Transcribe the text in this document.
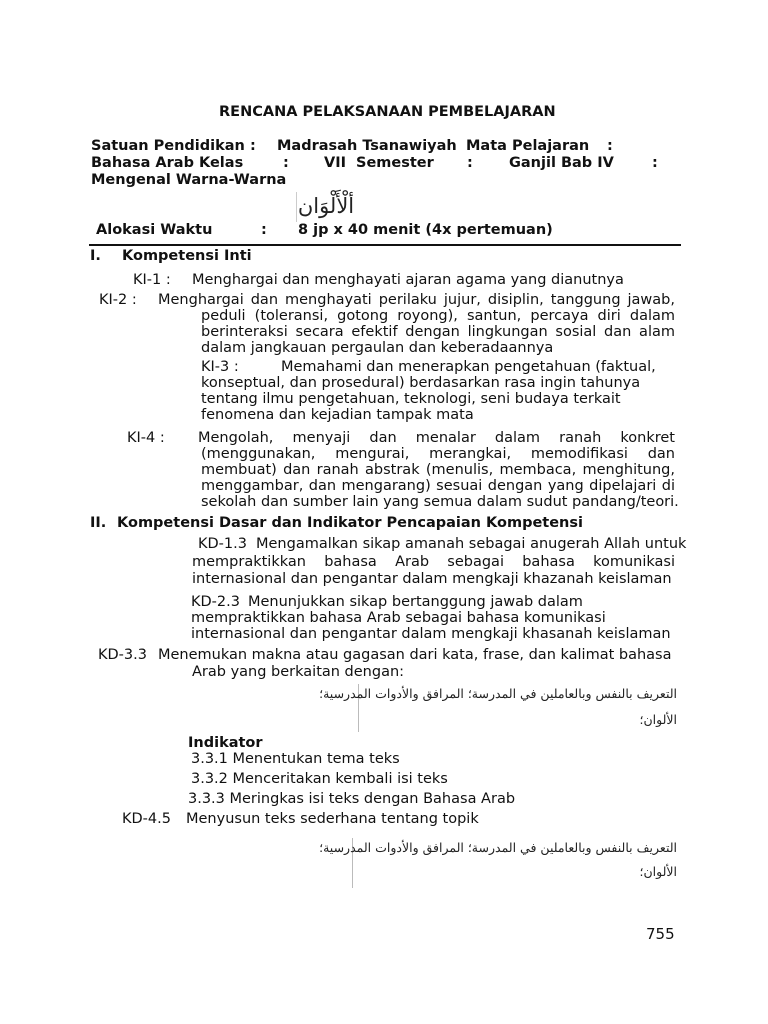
RENCANA PELAKSANAAN PEMBELAJARAN
Satuan Pendidikan : Madrasah Tsanawiyah Mata Pelajaran :
Bahasa Arab Kelas	: VII Semester : Ganjil Bab IV	:
Mengenal Warna-Warna
ألْأَلْوَان
Alokasi Waktu	: 8 jp x 40 menit (4x pertemuan)
I. Kompetensi Inti
KI-1 : Menghargai dan menghayati ajaran agama yang dianutnya
KI-2 : Menghargai dan menghayati perilaku jujur, disiplin, tanggung jawab,
peduli (toleransi, gotong royong), santun, percaya diri dalam
berinteraksi secara efektif dengan lingkungan sosial dan alam
dalam jangkauan pergaulan dan keberadaannya
KI-3 :	Memahami dan menerapkan pengetahuan (faktual,
konseptual, dan prosedural) berdasarkan rasa ingin tahunya
tentang ilmu pengetahuan, teknologi, seni budaya terkait
fenomena dan kejadian tampak mata
KI-4 : Mengolah, menyaji dan menalar dalam ranah konkret
(menggunakan, mengurai, merangkai, memodifikasi dan
membuat) dan ranah abstrak (menulis, membaca, menghitung,
menggambar, dan mengarang) sesuai dengan yang dipelajari di
sekolah dan sumber lain yang semua dalam sudut pandang/teori.
II. Kompetensi Dasar dan Indikator Pencapaian Kompetensi
KD-1.3 Mengamalkan sikap amanah sebagai anugerah Allah untuk
mempraktikkan bahasa Arab sebagai bahasa komunikasi
internasional dan pengantar dalam mengkaji khazanah keislaman
KD-2.3 Menunjukkan sikap bertanggung jawab dalam
mempraktikkan bahasa Arab sebagai bahasa komunikasi
internasional dan pengantar dalam mengkaji khasanah keislaman
KD-3.3 Menemukan makna atau gagasan dari kata, frase, dan kalimat bahasa
Arab yang berkaitan dengan:
التعريف بالنفس وبالعاملين في المدرسة؛ المرافق والأدوات المدرسية؛
الألوان؛
Indikator
3.3.1 Menentukan tema teks
3.3.2 Menceritakan kembali isi teks
3.3.3 Meringkas isi teks dengan Bahasa Arab
KD-4.5 Menyusun teks sederhana tentang topik
التعريف بالنفس وبالعاملين في المدرسة؛ المرافق والأدوات المدرسية؛
الألوان؛
755
